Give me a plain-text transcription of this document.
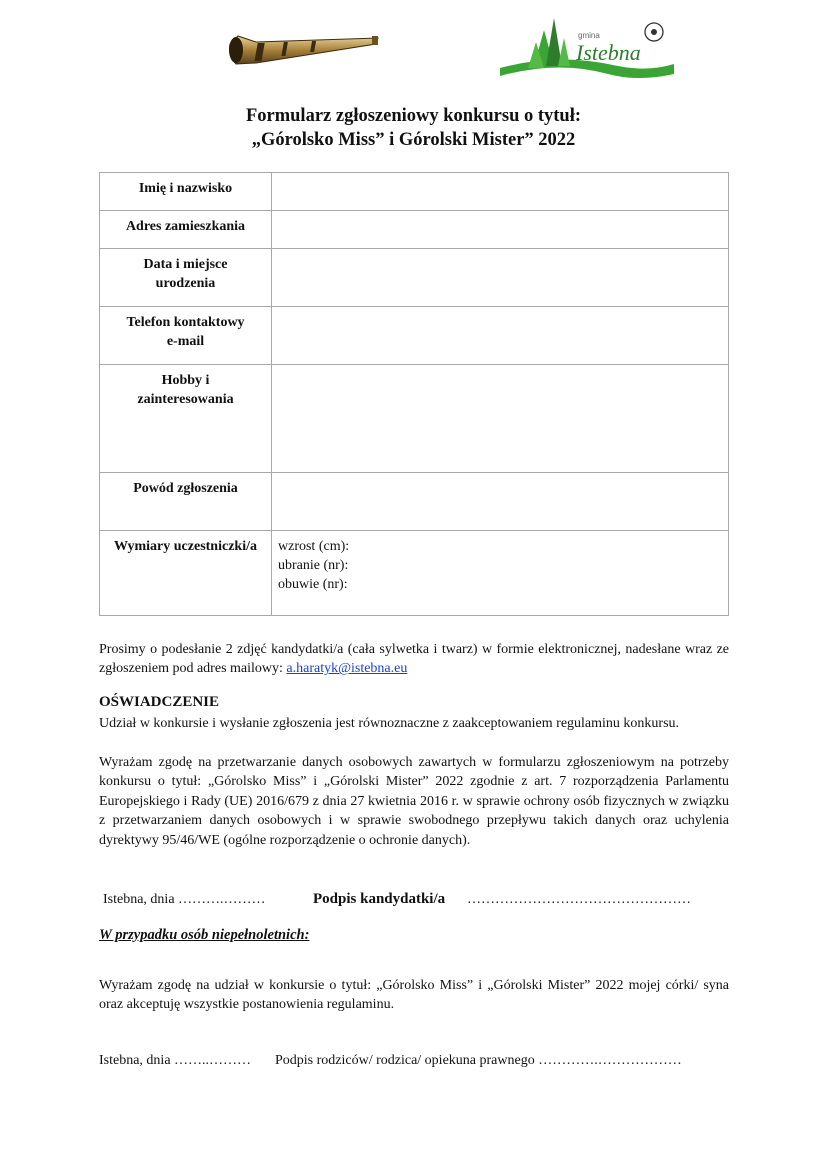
gmina
Istebna
Formularz zgłoszeniowy konkursu o tytuł:
„Górolsko Miss” i Górolski Mister” 2022
Imię i nazwisko	

Adres zamieszkania	

Data i miejsce
urodzenia	

Telefon kontaktowy
e-mail	

Hobby i
zainteresowania	

Powód zgłoszenia	

Wymiary uczestniczki/a	wzrost (cm):
ubranie (nr):
obuwie (nr):
Prosimy o podesłanie 2 zdjęć kandydatki/a (cała sylwetka i twarz) w formie elektronicznej, nadesłane wraz ze zgłoszeniem pod adres mailowy: a.haratyk@istebna.eu
OŚWIADCZENIE
Udział w konkursie i wysłanie zgłoszenia jest równoznaczne z zaakceptowaniem regulaminu konkursu.
Wyrażam zgodę na przetwarzanie danych osobowych zawartych w formularzu zgłoszeniowym na potrzeby konkursu o tytuł: „Górolsko Miss” i „Górolski Mister” 2022 zgodnie z art. 7 rozporządzenia Parlamentu Europejskiego i Rady (UE) 2016/679 z dnia 27 kwietnia 2016 r. w sprawie ochrony osób fizycznych w związku z przetwarzaniem danych osobowych i w sprawie swobodnego przepływu takich danych oraz uchylenia dyrektywy 95/46/WE (ogólne rozporządzenie o ochronie danych).
Istebna, dnia ……….………	Podpis kandydatki/a …………………………………………
W przypadku osób niepełnoletnich:
Wyrażam zgodę na udział w konkursie o tytuł: „Górolsko Miss” i „Górolski Mister” 2022 mojej córki/ syna oraz akceptuję wszystkie postanowienia regulaminu.
Istebna, dnia ……..……… Podpis rodziców/ rodzica/ opiekuna prawnego ………….………………
